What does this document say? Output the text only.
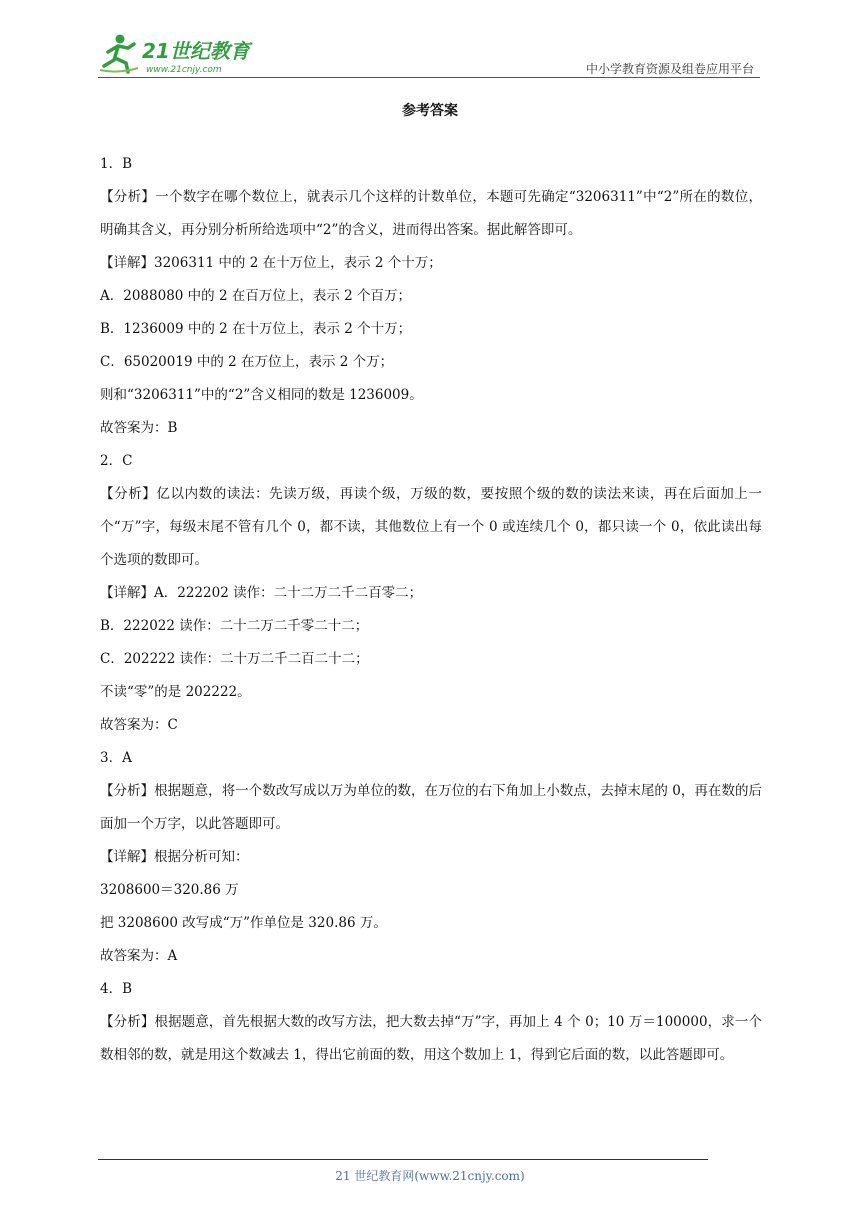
21世纪教育
www.21cnjy.com	中小学教育资源及组卷应用平台
参考答案
1．B
【分析】一个数字在哪个数位上，就表示几个这样的计数单位，本题可先确定“3206311”中“2”所在的数位，明确其含义，再分别分析所给选项中“2”的含义，进而得出答案。据此解答即可。
【详解】3206311 中的 2 在十万位上，表示 2 个十万；
A．2088080 中的 2 在百万位上，表示 2 个百万；
B．1236009 中的 2 在十万位上，表示 2 个十万；
C．65020019 中的 2 在万位上，表示 2 个万；
则和“3206311”中的“2”含义相同的数是 1236009。
故答案为：B
2．C
【分析】亿以内数的读法：先读万级，再读个级，万级的数，要按照个级的数的读法来读，再在后面加上一个“万”字，每级末尾不管有几个 0，都不读，其他数位上有一个 0 或连续几个 0，都只读一个 0，依此读出每个选项的数即可。
【详解】A．222202 读作：二十二万二千二百零二；
B．222022 读作：二十二万二千零二十二；
C．202222 读作：二十万二千二百二十二；
不读“零”的是 202222。
故答案为：C
3．A
【分析】根据题意，将一个数改写成以万为单位的数，在万位的右下角加上小数点，去掉末尾的 0，再在数的后面加一个万字，以此答题即可。
【详解】根据分析可知：
3208600＝320.86 万
把 3208600 改写成“万”作单位是 320.86 万。
故答案为：A
4．B
【分析】根据题意，首先根据大数的改写方法，把大数去掉“万”字，再加上 4 个 0；10 万＝100000，求一个数相邻的数，就是用这个数减去 1，得出它前面的数，用这个数加上 1，得到它后面的数，以此答题即可。
21 世纪教育网(www.21cnjy.com)
